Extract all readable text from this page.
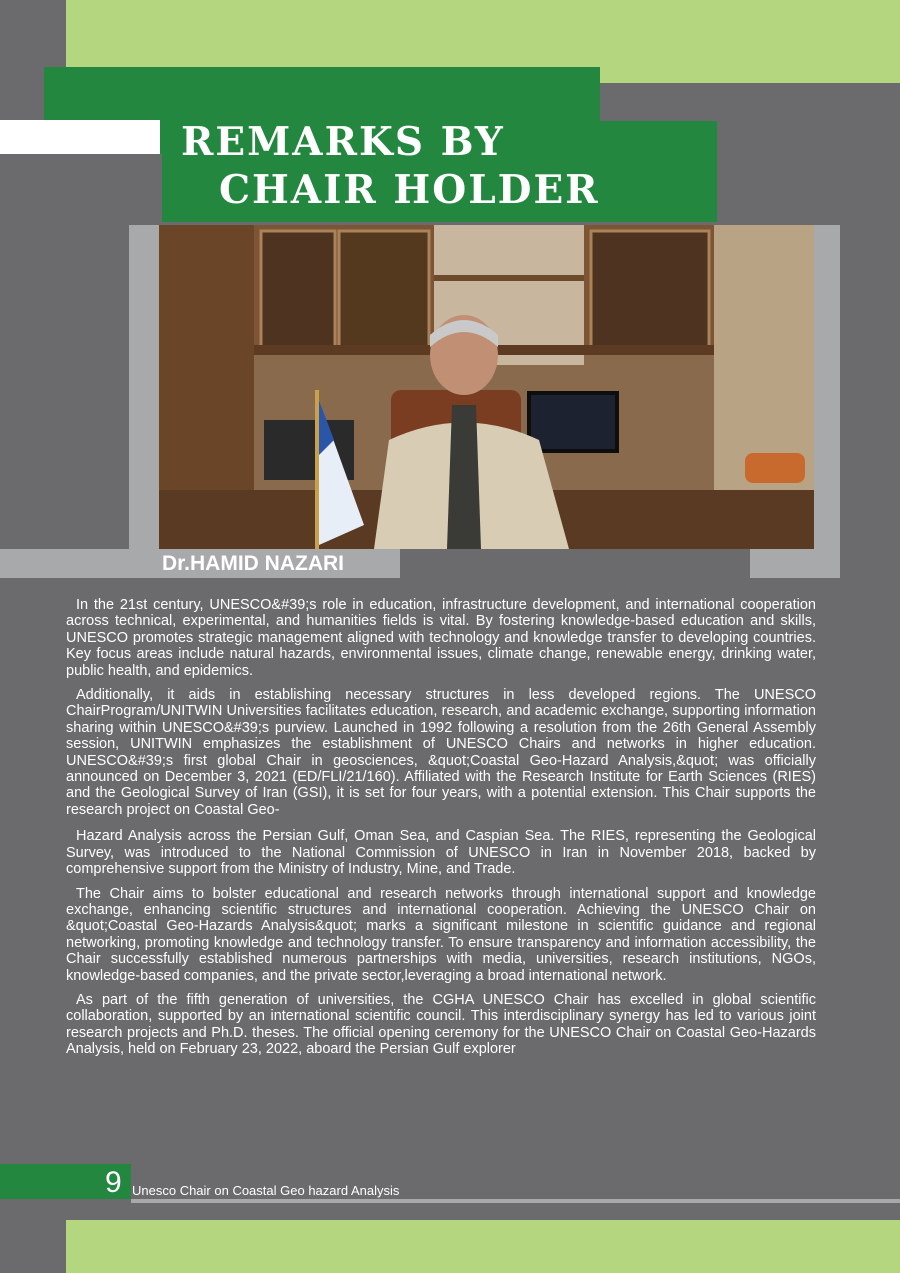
REMARKS BY
CHAIR HOLDER
Dr.HAMID NAZARI

In the 21st century, UNESCO&#39;s role in education, infrastructure development, and international cooperation across technical, experimental, and humanities fields is vital. By fostering knowledge-based education and skills, UNESCO promotes strategic management aligned with technology and knowledge transfer to developing countries. Key focus areas include natural hazards, environmental issues, climate change, renewable energy, drinking water, public health, and epidemics.

Additionally, it aids in establishing necessary structures in less developed regions. The UNESCO ChairProgram/UNITWIN Universities facilitates education, research, and academic exchange, supporting information sharing within UNESCO&#39;s purview. Launched in 1992 following a resolution from the 26th General Assembly session, UNITWIN emphasizes the establishment of UNESCO Chairs and networks in higher education. UNESCO&#39;s first global Chair in geosciences, &quot;Coastal Geo-Hazard Analysis,&quot; was officially announced on December 3, 2021 (ED/FLI/21/160). Affiliated with the Research Institute for Earth Sciences (RIES) and the Geological Survey of Iran (GSI), it is set for four years, with a potential extension. This Chair supports the research project on Coastal Geo-

Hazard Analysis across the Persian Gulf, Oman Sea, and Caspian Sea. The RIES, representing the Geological Survey, was introduced to the National Commission of UNESCO in Iran in November 2018, backed by comprehensive support from the Ministry of Industry, Mine, and Trade.

The Chair aims to bolster educational and research networks through international support and knowledge exchange, enhancing scientific structures and international cooperation. Achieving the UNESCO Chair on &quot;Coastal Geo-Hazards Analysis&quot; marks a significant milestone in scientific guidance and regional networking, promoting knowledge and technology transfer. To ensure transparency and information accessibility, the Chair successfully established numerous partnerships with media, universities, research institutions, NGOs, knowledge-based companies, and the private sector,leveraging a broad international network.

As part of the fifth generation of universities, the CGHA UNESCO Chair has excelled in global scientific collaboration, supported by an international scientific council. This interdisciplinary synergy has led to various joint research projects and Ph.D. theses. The official opening ceremony for the UNESCO Chair on Coastal Geo-Hazards Analysis, held on February 23, 2022, aboard the Persian Gulf explorer

9 Unesco Chair on Coastal Geo hazard Analysis
